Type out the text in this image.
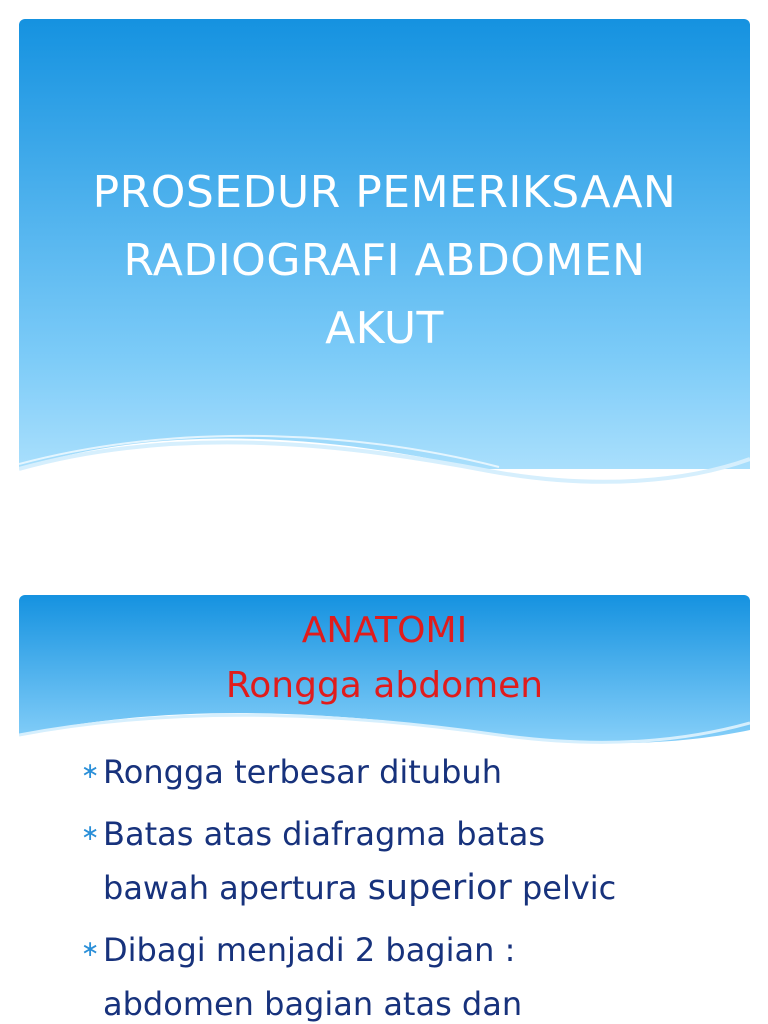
PROSEDUR PEMERIKSAAN
RADIOGRAFI ABDOMEN
AKUT
ANATOMI
Rongga abdomen
∗ Rongga terbesar ditubuh
∗ Batas atas diafragma batas
bawah apertura superior pelvic
∗ Dibagi menjadi 2 bagian :
abdomen bagian atas dan
